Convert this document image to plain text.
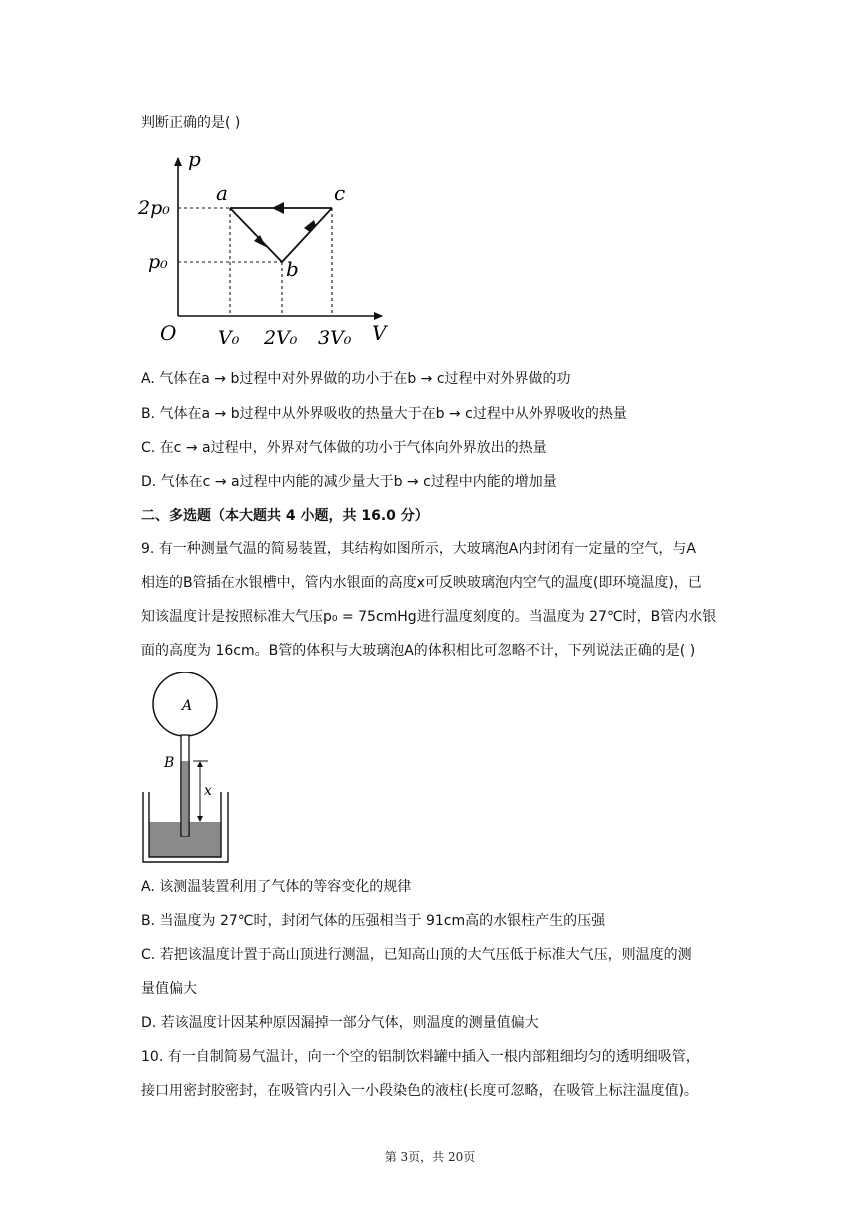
判断正确的是( )
p
V
O
2p₀
p₀
V₀ 2V₀ 3V₀
a
b
c
A. 气体在a → b过程中对外界做的功小于在b → c过程中对外界做的功
B. 气体在a → b过程中从外界吸收的热量大于在b → c过程中从外界吸收的热量
C. 在c → a过程中，外界对气体做的功小于气体向外界放出的热量
D. 气体在c → a过程中内能的减少量大于b → c过程中内能的增加量
二、多选题（本大题共 4 小题，共 16.0 分）
9. 有一种测量气温的简易装置，其结构如图所示，大玻璃泡A内封闭有一定量的空气，与A
相连的B管插在水银槽中，管内水银面的高度x可反映玻璃泡内空气的温度(即环境温度)，已
知该温度计是按照标准大气压p₀ = 75cmHg进行温度刻度的。当温度为 27℃时，B管内水银
面的高度为 16cm。B管的体积与大玻璃泡A的体积相比可忽略不计，下列说法正确的是( )
A
B
x
A. 该测温装置利用了气体的等容变化的规律
B. 当温度为 27℃时，封闭气体的压强相当于 91cm高的水银柱产生的压强
C. 若把该温度计置于高山顶进行测温，已知高山顶的大气压低于标准大气压，则温度的测
量值偏大
D. 若该温度计因某种原因漏掉一部分气体，则温度的测量值偏大
10. 有一自制简易气温计，向一个空的铝制饮料罐中插入一根内部粗细均匀的透明细吸管，
接口用密封胶密封，在吸管内引入一小段染色的液柱(长度可忽略，在吸管上标注温度值)。
第 3页，共 20页
